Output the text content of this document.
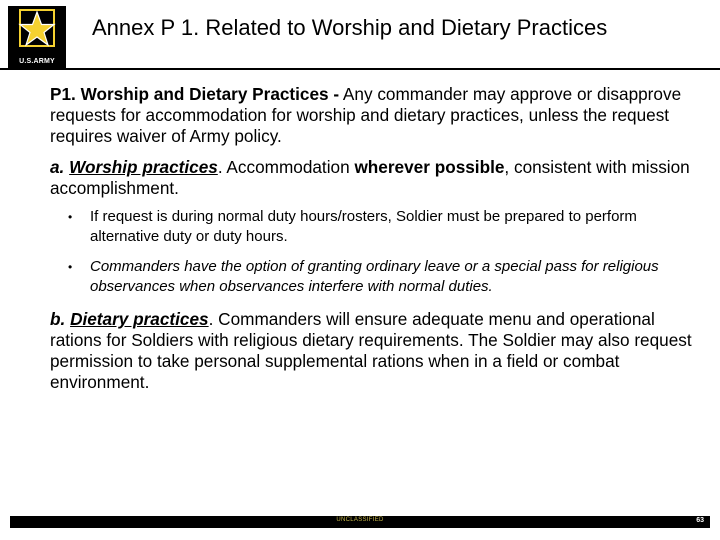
U.S.ARMY
Annex P 1. Related to Worship and Dietary Practices

P1. Worship and Dietary Practices - Any commander may approve or disapprove requests for accommodation for worship and dietary practices, unless the request requires waiver of Army policy.

a. Worship practices. Accommodation wherever possible, consistent with mission accomplishment.

• If request is during normal duty hours/rosters, Soldier must be prepared to perform alternative duty or duty hours.
• Commanders have the option of granting ordinary leave or a special pass for religious observances when observances interfere with normal duties.

b. Dietary practices. Commanders will ensure adequate menu and operational rations for Soldiers with religious dietary requirements. The Soldier may also request permission to take personal supplemental rations when in a field or combat environment.

UNCLASSIFIED	63
